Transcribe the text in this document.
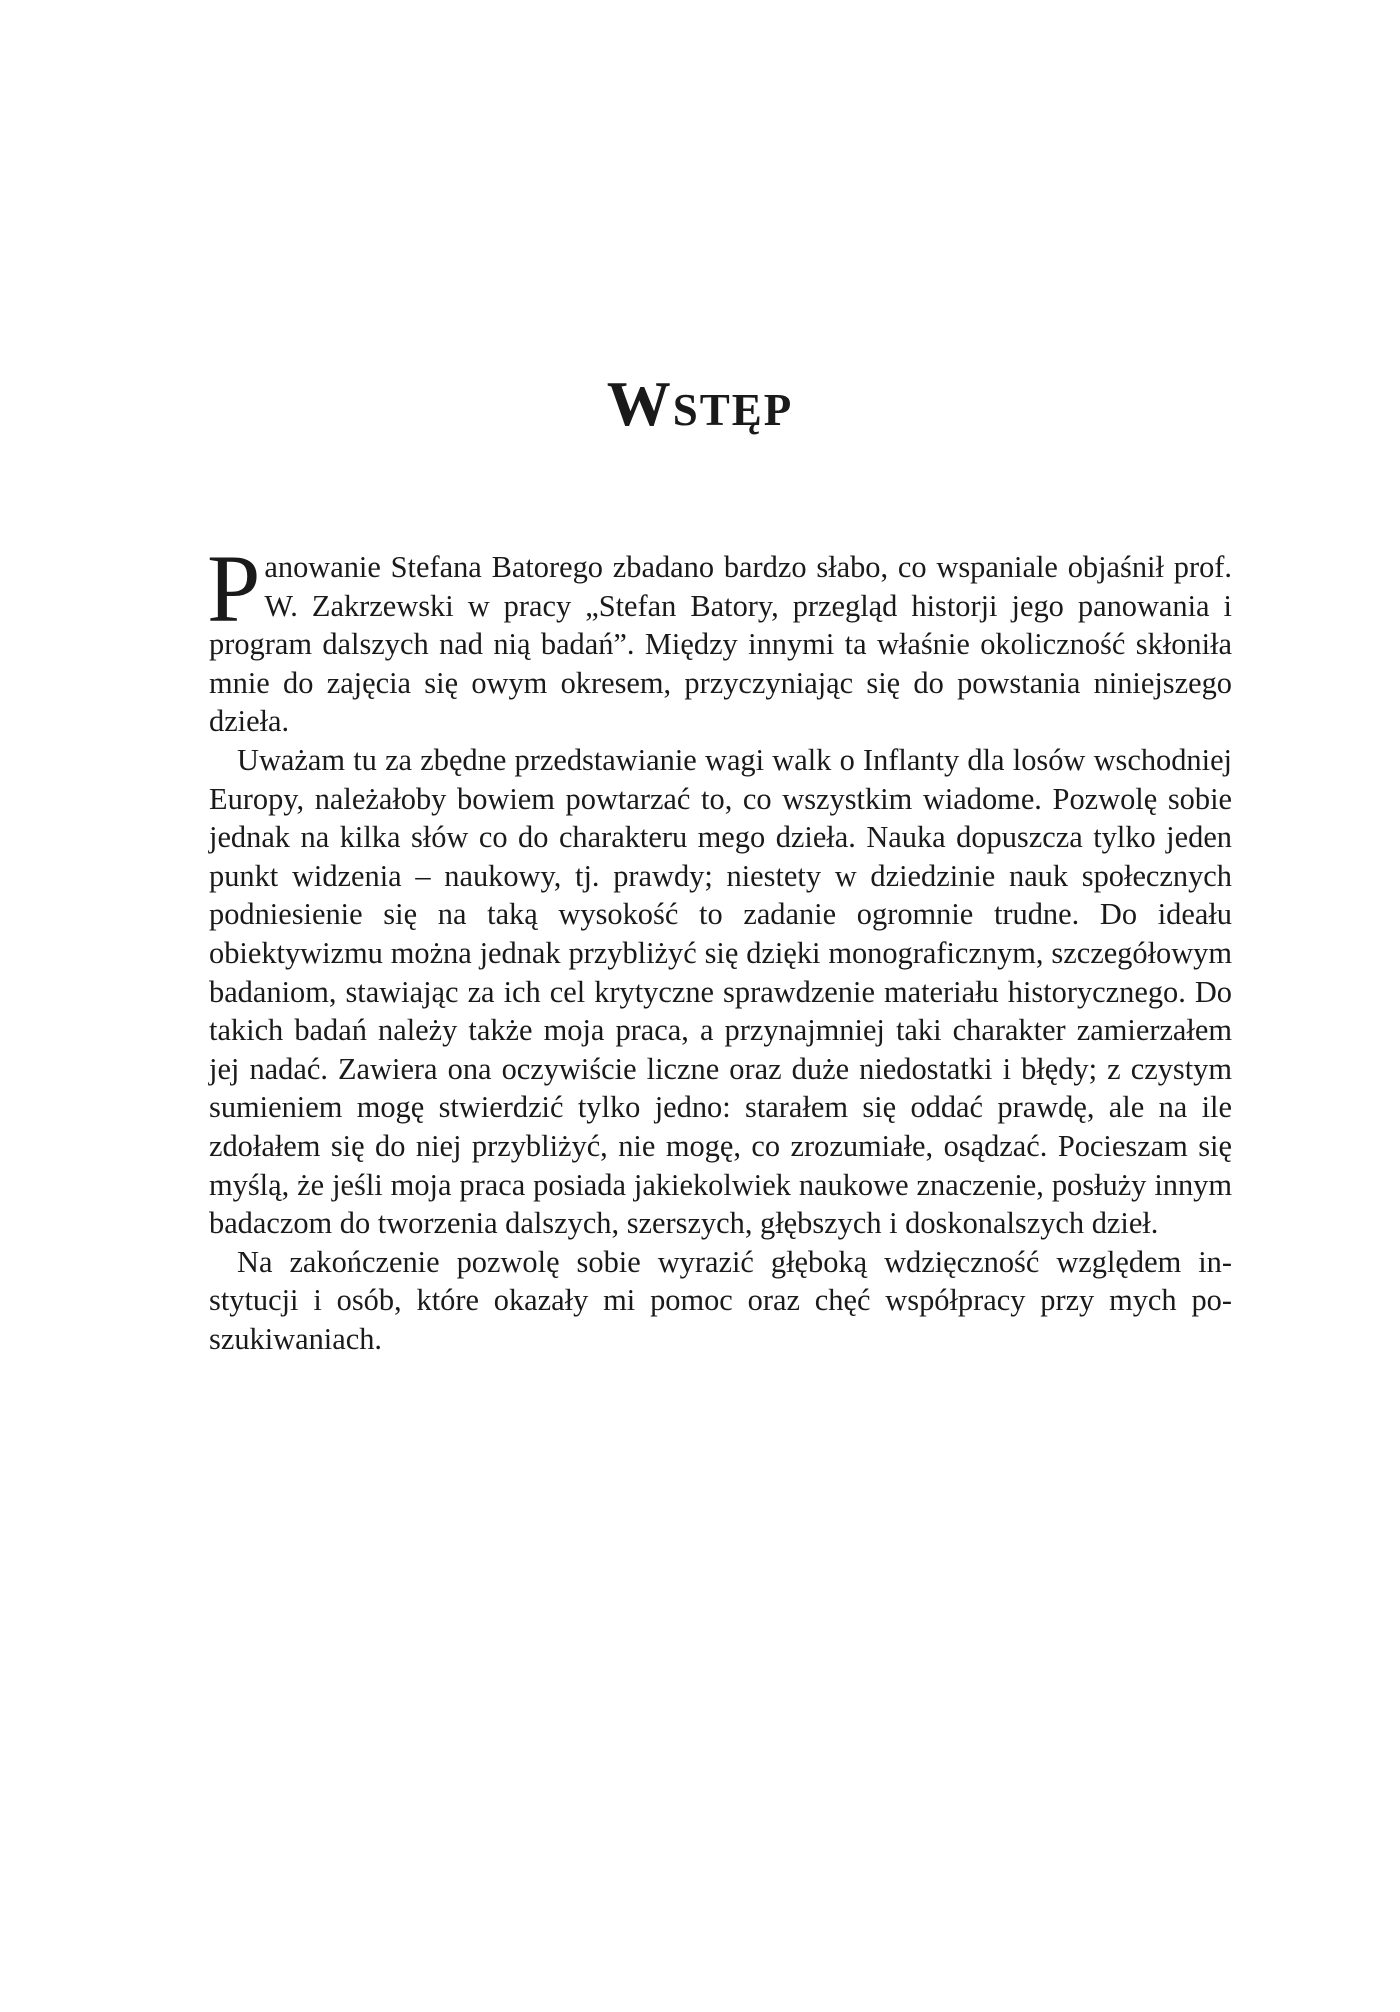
Wstęp

Panowanie Stefana Batorego zbadano bardzo słabo, co wspaniale objaśnił prof. W. Zakrzewski w pracy „Stefan Batory, przegląd historji jego panowania i program dalszych nad nią badań”. Między innymi ta właśnie okoliczność skłoniła mnie do zajęcia się owym okresem, przyczyniając się do powstania niniejszego dzieła.

Uważam tu za zbędne przedstawianie wagi walk o Inflanty dla losów wschodniej Europy, należałoby bowiem powtarzać to, co wszystkim wiadome. Pozwolę sobie jednak na kilka słów co do charakteru mego dzieła. Nauka dopuszcza tylko jeden punkt widzenia – naukowy, tj. prawdy; niestety w dziedzinie nauk społecznych podniesienie się na taką wysokość to zadanie ogromnie trudne. Do ideału obiektywizmu można jednak przybliżyć się dzięki monograficznym, szczegółowym badaniom, stawiając za ich cel krytyczne sprawdzenie materiału historycznego. Do takich badań należy także moja praca, a przynajmniej taki charakter zamierzałem jej nadać. Zawiera ona oczywiście liczne oraz duże niedostatki i błędy; z czystym sumieniem mogę stwierdzić tylko jedno: starałem się oddać prawdę, ale na ile zdołałem się do niej przybliżyć, nie mogę, co zrozumiałe, osądzać. Pocieszam się myślą, że jeśli moja praca posiada jakiekolwiek naukowe znaczenie, posłuży innym badaczom do tworzenia dalszych, szerszych, głębszych i doskonalszych dzieł.

Na zakończenie pozwolę sobie wyrazić głęboką wdzięczność względem instytucji i osób, które okazały mi pomoc oraz chęć współpracy przy mych poszukiwaniach.
